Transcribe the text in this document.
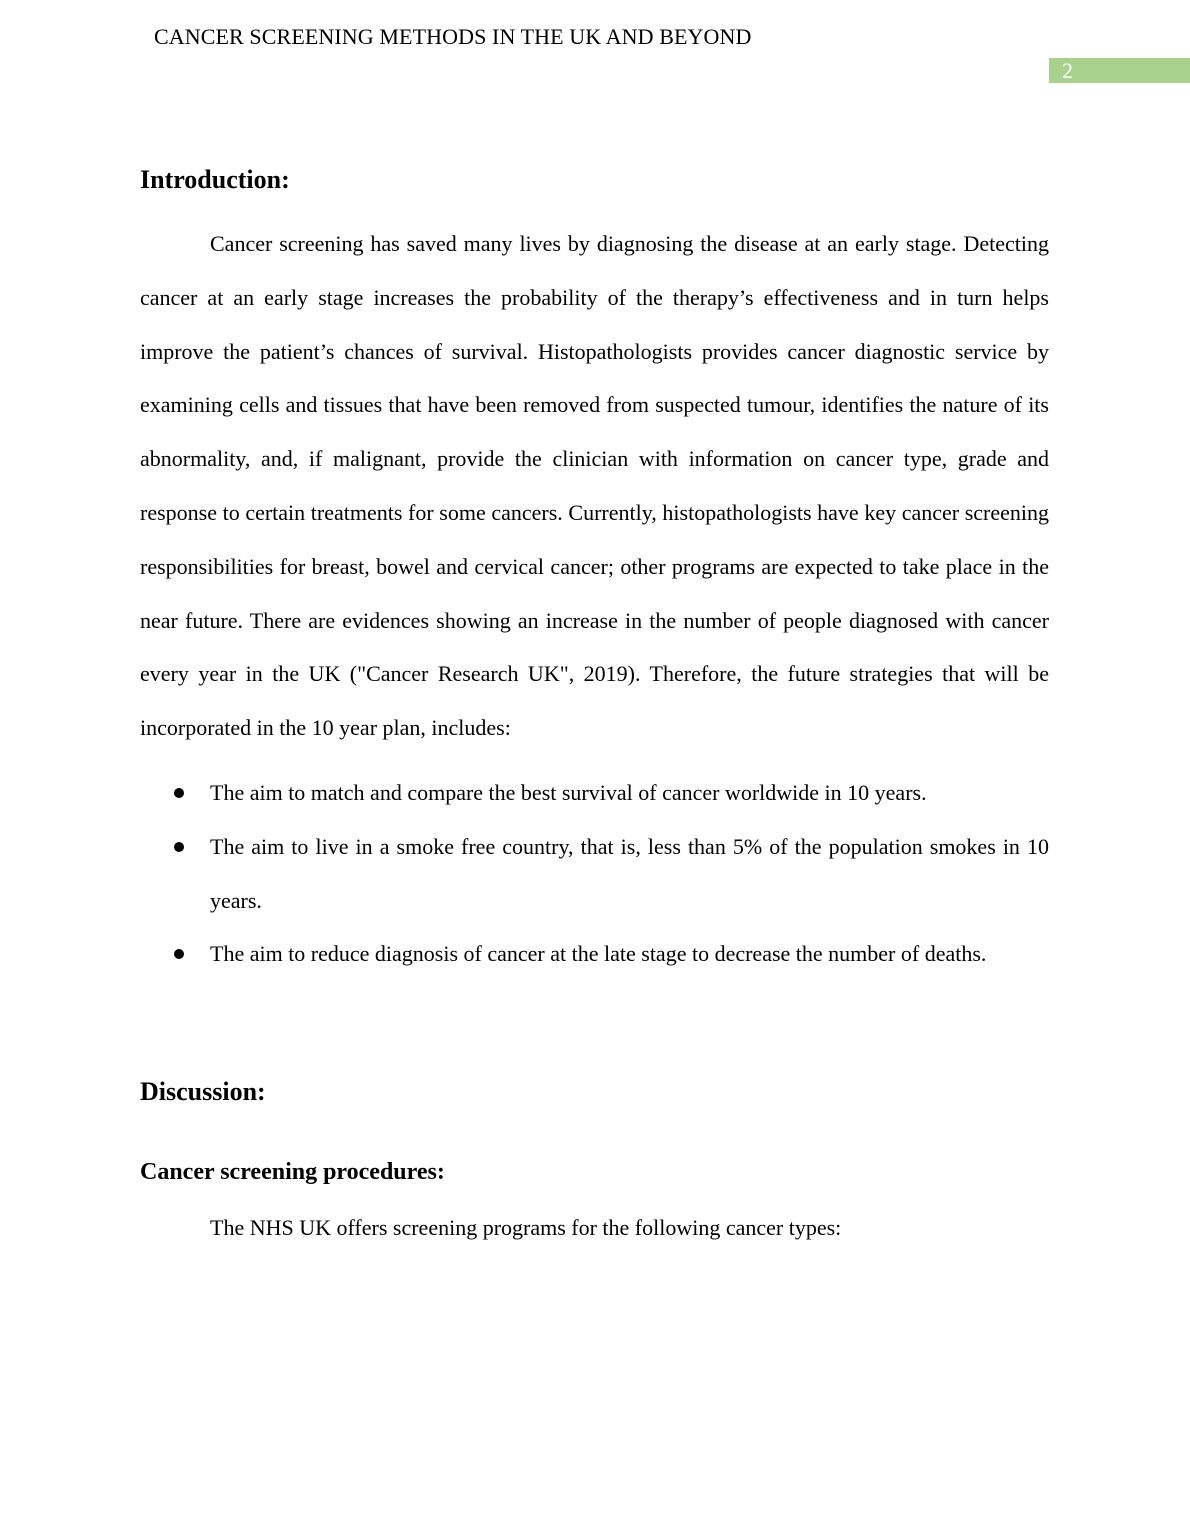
CANCER SCREENING METHODS IN THE UK AND BEYOND
2
Introduction:

Cancer screening has saved many lives by diagnosing the disease at an early stage. Detecting cancer at an early stage increases the probability of the therapy’s effectiveness and in turn helps improve the patient’s chances of survival. Histopathologists provides cancer diagnostic service by examining cells and tissues that have been removed from suspected tumour, identifies the nature of its abnormality, and, if malignant, provide the clinician with information on cancer type, grade and response to certain treatments for some cancers. Currently, histopathologists have key cancer screening responsibilities for breast, bowel and cervical cancer; other programs are expected to take place in the near future. There are evidences showing an increase in the number of people diagnosed with cancer every year in the UK ("Cancer Research UK", 2019). Therefore, the future strategies that will be incorporated in the 10 year plan, includes:

The aim to match and compare the best survival of cancer worldwide in 10 years.
The aim to live in a smoke free country, that is, less than 5% of the population smokes in 10 years.
The aim to reduce diagnosis of cancer at the late stage to decrease the number of deaths.
Discussion:
Cancer screening procedures:

The NHS UK offers screening programs for the following cancer types:
